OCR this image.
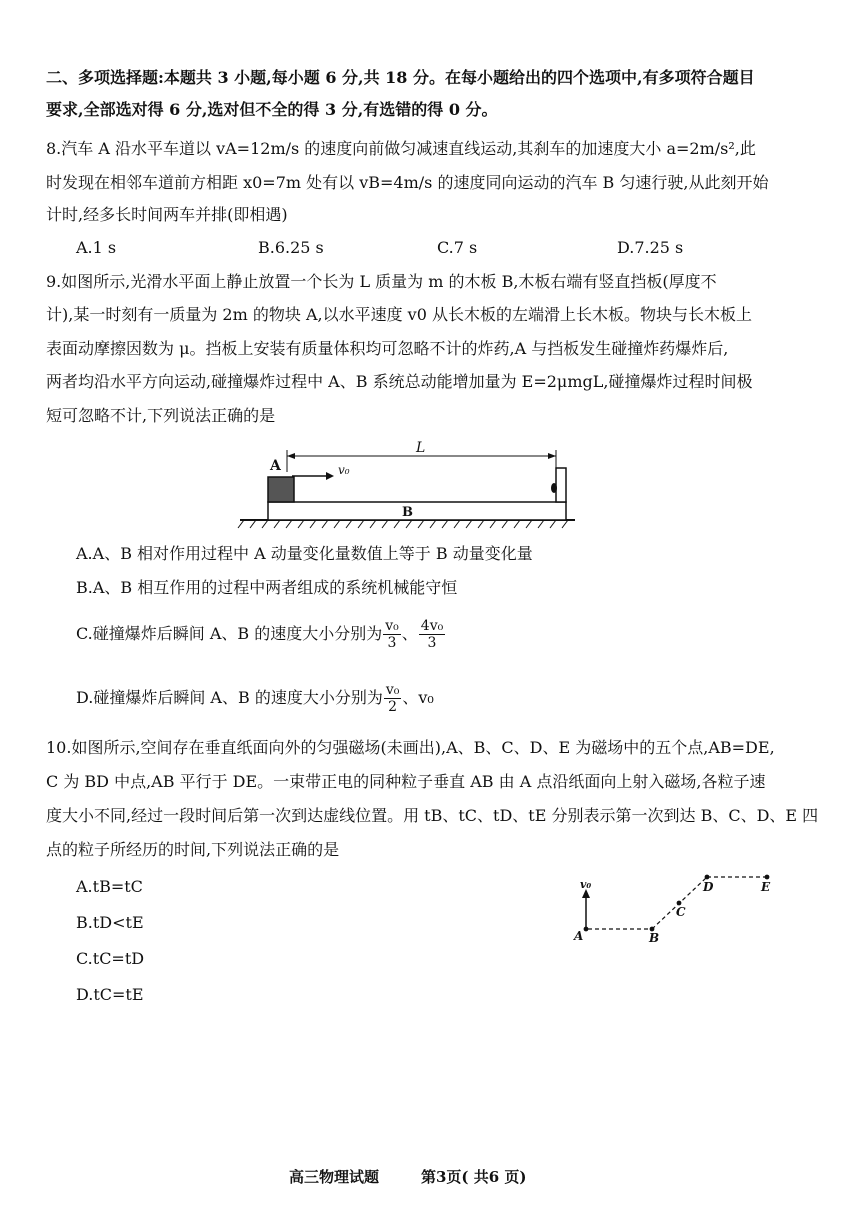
二、多项选择题:本题共 3 小题,每小题 6 分,共 18 分。在每小题给出的四个选项中,有多项符合题目
要求,全部选对得 6 分,选对但不全的得 3 分,有选错的得 0 分。
8.汽车 A 沿水平车道以 vA=12m/s 的速度向前做匀减速直线运动,其刹车的加速度大小 a=2m/s²,此
时发现在相邻车道前方相距 x0=7m 处有以 vB=4m/s 的速度同向运动的汽车 B 匀速行驶,从此刻开始
计时,经多长时间两车并排(即相遇)
A.1 s	B.6.25 s	C.7 s	D.7.25 s
9.如图所示,光滑水平面上静止放置一个长为 L 质量为 m 的木板 B,木板右端有竖直挡板(厚度不
计),某一时刻有一质量为 2m 的物块 A,以水平速度 v0 从长木板的左端滑上长木板。物块与长木板上
表面动摩擦因数为 μ。挡板上安装有质量体积均可忽略不计的炸药,A 与挡板发生碰撞炸药爆炸后,
两者均沿水平方向运动,碰撞爆炸过程中 A、B 系统总动能增加量为 E=2μmgL,碰撞爆炸过程时间极
短可忽略不计,下列说法正确的是
A	v₀
L
B
A.A、B 相对作用过程中 A 动量变化量数值上等于 B 动量变化量
B.A、B 相互作用的过程中两者组成的系统机械能守恒
C.碰撞爆炸后瞬间 A、B 的速度大小分别为 $\frac{\text{v₀}}{3}$ 、 $\frac{\text{4v₀}}{3}$
D.碰撞爆炸后瞬间 A、B 的速度大小分别为 $\frac{\text{v₀}}{2}$ 、v₀
10.如图所示,空间存在垂直纸面向外的匀强磁场(未画出),A、B、C、D、E 为磁场中的五个点,AB=DE,
C 为 BD 中点,AB 平行于 DE。一束带正电的同种粒子垂直 AB 由 A 点沿纸面向上射入磁场,各粒子速
度大小不同,经过一段时间后第一次到达虚线位置。用 tB、tC、tD、tE 分别表示第一次到达 B、C、D、E 四
点的粒子所经历的时间,下列说法正确的是
A.tB=tC
B.tD<tE
C.tC=tD
D.tC=tE
v₀
A	B
C
D	E
高三物理试题	第3页( 共6 页)
